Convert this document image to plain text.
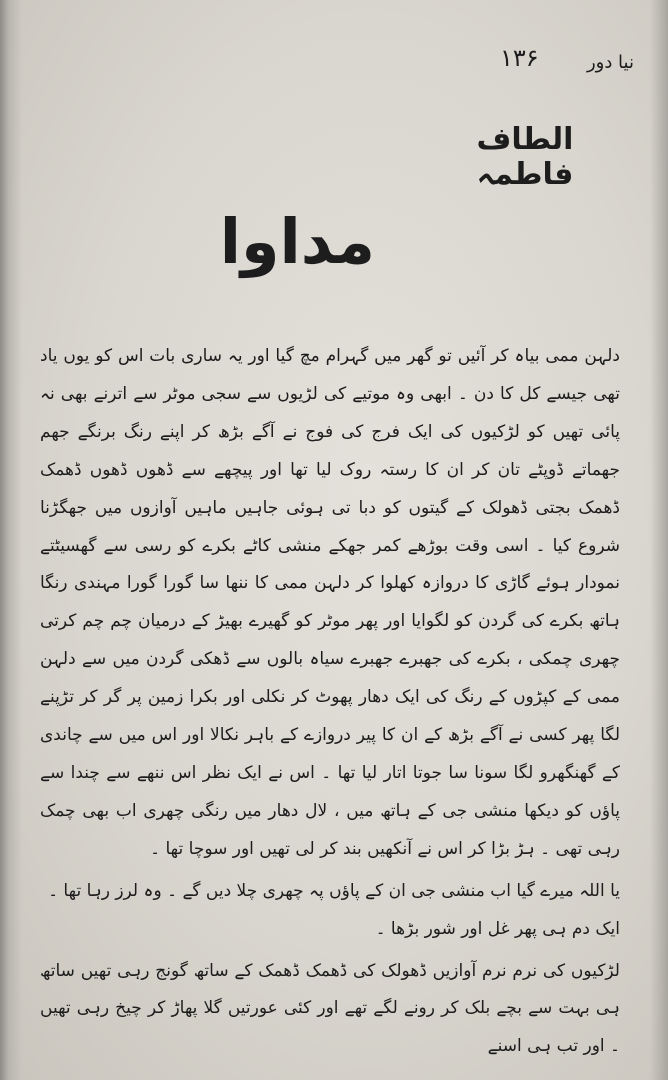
نیا دور
۱۳۶
الطاف فاطمہ
مداوا

دلہن ممی بیاہ کر آئیں تو گھر میں گہرام مچ گیا اور یہ ساری بات اس کو یوں یاد تھی جیسے کل کا دن ۔ ابھی وہ موتیے کی لڑیوں سے سجی موٹر سے اترنے بھی نہ پائی تھیں کو لڑکیوں کی ایک فرج کی فوج نے آگے بڑھ کر اپنے رنگ برنگے جھم جھماتے ڈوپٹے تان کر ان کا رستہ روک لیا تھا اور پیچھے سے ڈھوں ڈھوں ڈھمک ڈھمک بجتی ڈھولک کے گیتوں کو دبا تی ہوئی جاہیں ماہیں آوازوں میں جھگڑنا شروع کیا ۔ اسی وقت بوڑھے کمر جھکے منشی کاٹے بکرے کو رسی سے گھسیٹتے نمودار ہوئے گاڑی کا دروازہ کھلوا کر دلہن ممی کا ننھا سا گورا گورا مہندی رنگا ہاتھ بکرے کی گردن کو لگوایا اور پھر موٹر کو گھیرے بھیڑ کے درمیان چم چم کرتی چھری چمکی ، بکرے کی جھبرے جھبرے سیاہ بالوں سے ڈھکی گردن میں سے دلہن ممی کے کپڑوں کے رنگ کی ایک دھار پھوٹ کر نکلی اور بکرا زمین پر گر کر تڑپنے لگا پھر کسی نے آگے بڑھ کے ان کا پیر دروازے کے باہر نکالا اور اس میں سے چاندی کے گھنگھرو لگا سونا سا جوتا اتار لیا تھا ۔ اس نے ایک نظر اس ننھے سے چندا سے پاؤں کو دیکھا منشی جی کے ہاتھ میں ، لال دھار میں رنگی چھری اب بھی چمک رہی تھی ۔ ہڑ بڑا کر اس نے آنکھیں بند کر لی تھیں اور سوچا تھا ۔

یا اللہ میرے گیا اب منشی جی ان کے پاؤں پہ چھری چلا دیں گے ۔ وہ لرز رہا تھا ۔

ایک دم ہی پھر غل اور شور بڑھا ۔

لڑکیوں کی نرم نرم آوازیں ڈھولک کی ڈھمک ڈھمک کے ساتھ گونج رہی تھیں ساتھ ہی بہت سے بچے بلک کر رونے لگے تھے اور کئی عورتیں گلا پھاڑ کر چیخ رہی تھیں ۔ اور تب ہی اسنے
